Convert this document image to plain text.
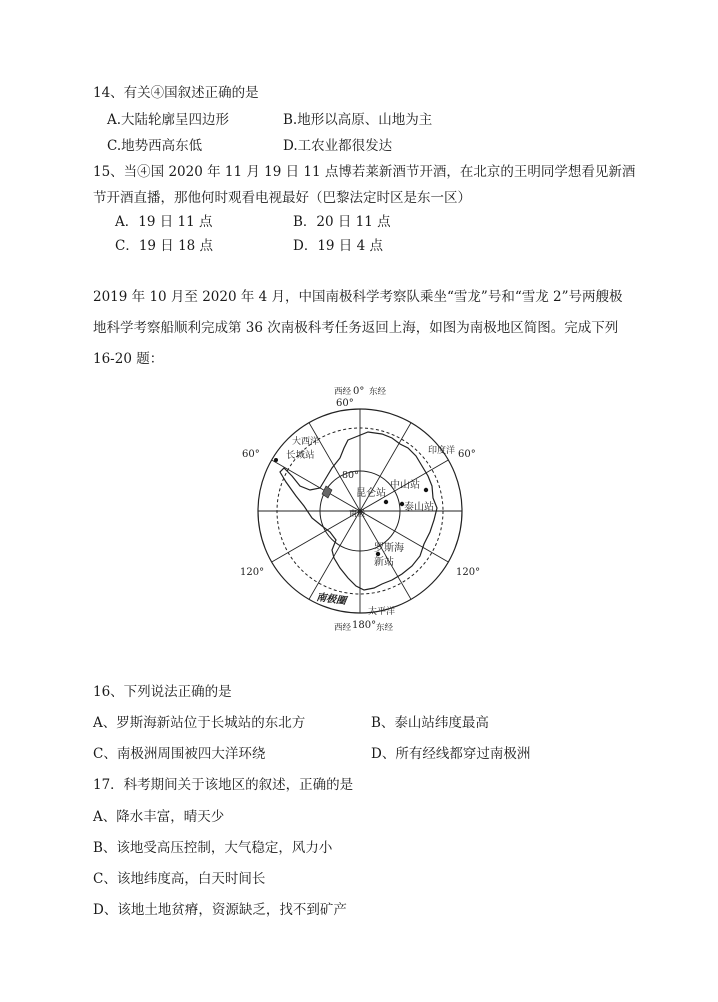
14、有关④国叙述正确的是
A.大陆轮廓呈四边形	B.地形以高原、山地为主
C.地势西高东低	D.工农业都很发达
15、当④国 2020 年 11 月 19 日 11 点博若莱新酒节开酒，在北京的王明同学想看见新酒
节开酒直播，那他何时观看电视最好（巴黎法定时区是东一区）
A．19 日 11 点	B．20 日 11 点
C．19 日 18 点	D．19 日 4 点
2019 年 10 月至 2020 年 4 月，中国南极科学考察队乘坐“雪龙”号和“雪龙 2”号两艘极地科学考察船顺利完成第 36 次南极科考任务返回上海，如图为南极地区简图。完成下列 16-20 题：
西经 0° 东经
60°
60°	60°
120°	120°
80°
大西洋
印度洋
太平洋
长城站
昆仑站
中山站
泰山站
南极
罗斯海
新站
南极圈
西经 180° 东经
16、下列说法正确的是
A、罗斯海新站位于长城站的东北方	B、泰山站纬度最高
C、南极洲周围被四大洋环绕	D、所有经线都穿过南极洲
17．科考期间关于该地区的叙述，正确的是
A、降水丰富，晴天少
B、该地受高压控制，大气稳定，风力小
C、该地纬度高，白天时间长
D、该地土地贫瘠，资源缺乏，找不到矿产
